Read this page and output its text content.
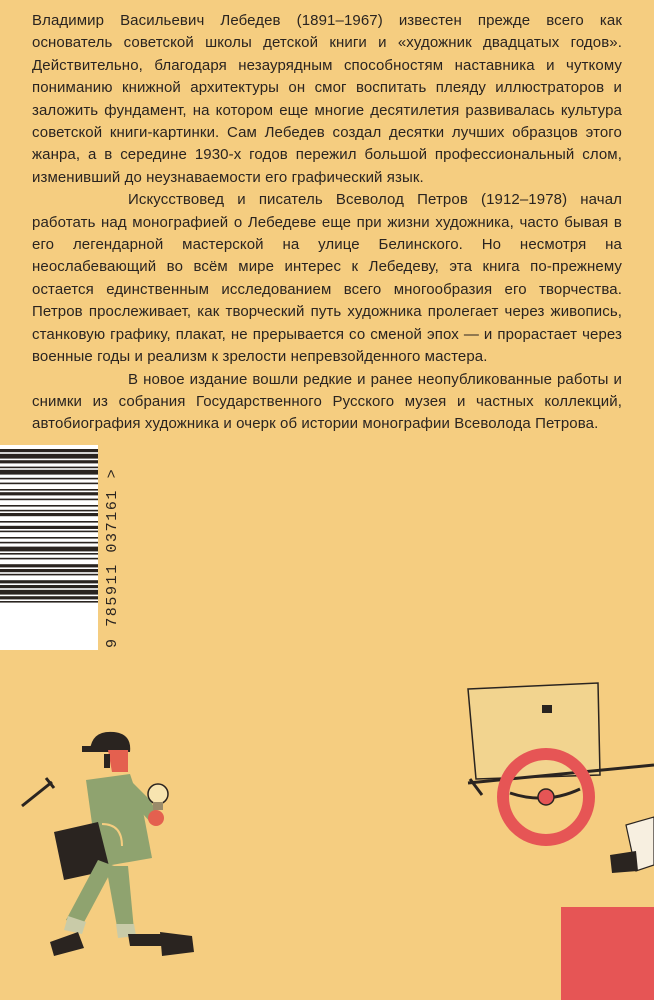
Владимир Васильевич Лебедев (1891–1967) известен прежде всего как основатель советской школы детской книги и «художник двадцатых годов». Действительно, благодаря незаурядным способностям наставника и чуткому пониманию книжной архитектуры он смог воспитать плеяду иллюстраторов и заложить фундамент, на котором еще многие десятилетия развивалась культура советской книги-картинки. Сам Лебедев создал десятки лучших образцов этого жанра, а в середине 1930-х годов пережил большой профессиональный слом, изменивший до неузнаваемости его графический язык.

Искусствовед и писатель Всеволод Петров (1912–1978) начал работать над монографией о Лебедеве еще при жизни художника, часто бывая в его легендарной мастерской на улице Белинского. Но несмотря на неослабевающий во всём мире интерес к Лебедеву, эта книга по-прежнему остается единственным исследованием всего многообразия его творчества. Петров прослеживает, как творческий путь художника пролегает через живопись, станковую графику, плакат, не прерывается со сменой эпох — и прорастает через военные годы и реализм к зрелости непревзойденного мастера.

В новое издание вошли редкие и ранее неопубликованные работы и снимки из собрания Государственного Русского музея и частных коллекций, автобиография художника и очерк об истории монографии Всеволода Петрова.

9 785911 037161 >
